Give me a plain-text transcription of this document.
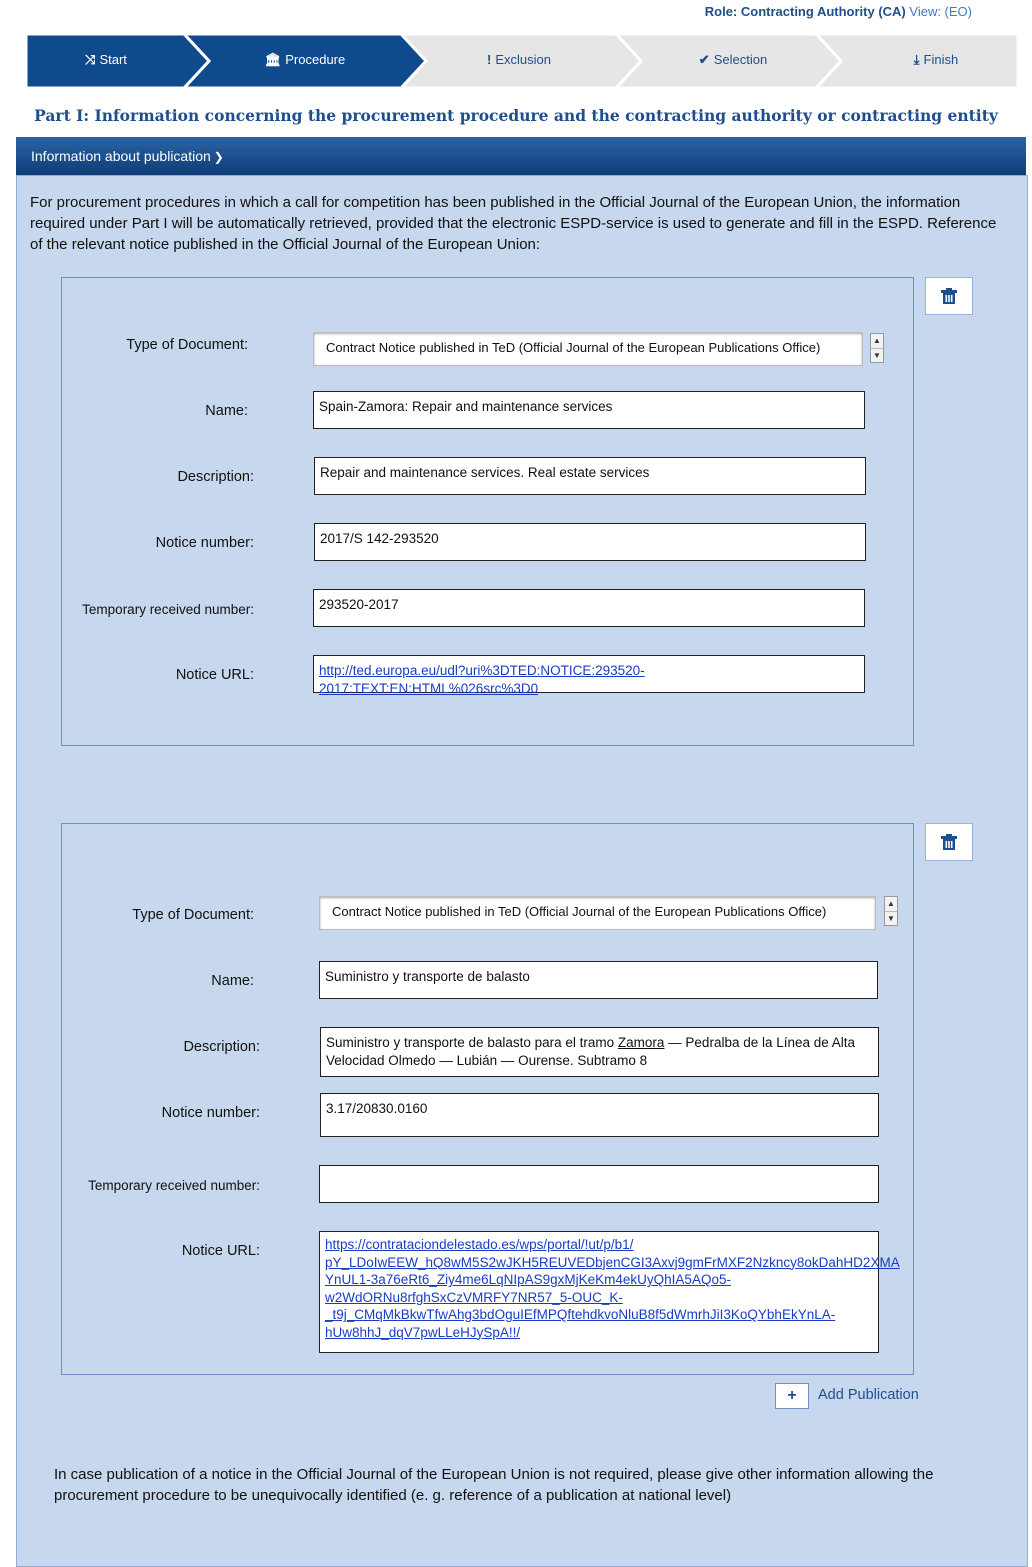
Role: Contracting Authority (CA) View: (EO)
⤨ Start	🏛 Procedure	! Exclusion	✔ Selection	⤓ Finish
Part I: Information concerning the procurement procedure and the contracting authority or contracting entity
Information about publication ❯
For procurement procedures in which a call for competition has been published in the Official Journal of the European Union, the information required under Part I will be automatically retrieved, provided that the electronic ESPD-service is used to generate and fill in the ESPD. Reference of the relevant notice published in the Official Journal of the European Union:
Type of Document:	Contract Notice published in TeD (Official Journal of the European Publications Office)	▲
▼
Name:	Spain-Zamora: Repair and maintenance services
Description:	Repair and maintenance services. Real estate services
Notice number:	2017/S 142-293520
Temporary received number:	293520-2017
Notice URL:	http://ted.europa.eu/udl?uri%3DTED:NOTICE:293520-2017:TEXT:EN:HTML%026src%3D0
Type of Document:	Contract Notice published in TeD (Official Journal of the European Publications Office)
▲
▼
Name:	Suministro y transporte de balasto
Description:	Suministro y transporte de balasto para el tramo Zamora — Pedralba de la Línea de Alta Velocidad Olmedo — Lubián — Ourense. Subtramo 8
Notice number:	3.17/20830.0160
Temporary received number:
Notice URL:	https://contrataciondelestado.es/wps/portal/!ut/p/b1/
pY_LDoIwEEW_hQ8wM5S2wJKH5REUVEDbjenCGI3Axvj9gmFrMXF2Nzkncy8okDahHD2XMA
YnUL1-3a76eRt6_Ziy4me6LqNIpAS9gxMjKeKm4ekUyQhIA5AQo5-
w2WdORNu8rfghSxCzVMRFY7NR57_5-OUC_K-
_t9j_CMqMkBkwTfwAhg3bdOguIEfMPQftehdkvoNluB8f5dWmrhJiI3KoQYbhEkYnLA-
hUw8hhJ_dqV7pwLLeHJySpA!!/
+ Add Publication
In case publication of a notice in the Official Journal of the European Union is not required, please give other information allowing the procurement procedure to be unequivocally identified (e. g. reference of a publication at national level)
